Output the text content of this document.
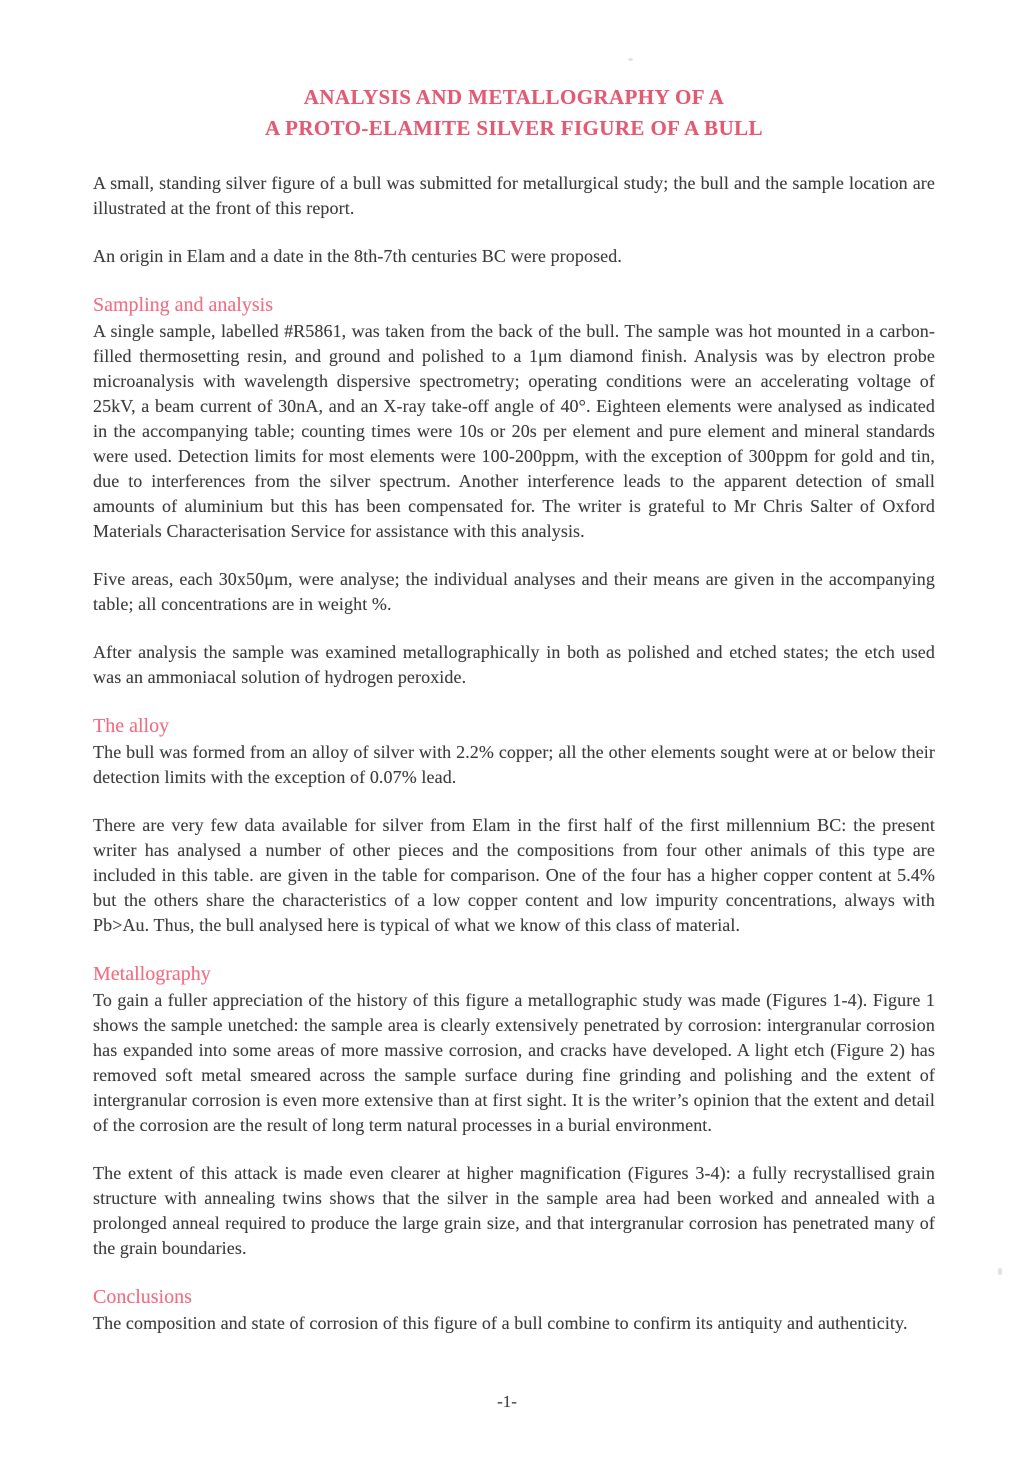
ANALYSIS AND METALLOGRAPHY OF A
A PROTO-ELAMITE SILVER FIGURE OF A BULL

A small, standing silver figure of a bull was submitted for metallurgical study; the bull and the sample location are illustrated at the front of this report.

An origin in Elam and a date in the 8th-7th centuries BC were proposed.

Sampling and analysis

A single sample, labelled #R5861, was taken from the back of the bull. The sample was hot mounted in a carbon-filled thermosetting resin, and ground and polished to a 1μm diamond finish. Analysis was by electron probe microanalysis with wavelength dispersive spectrometry; operating conditions were an accelerating voltage of 25kV, a beam current of 30nA, and an X-ray take-off angle of 40°. Eighteen elements were analysed as indicated in the accompanying table; counting times were 10s or 20s per element and pure element and mineral standards were used. Detection limits for most elements were 100-200ppm, with the exception of 300ppm for gold and tin, due to interferences from the silver spectrum. Another interference leads to the apparent detection of small amounts of aluminium but this has been compensated for. The writer is grateful to Mr Chris Salter of Oxford Materials Characterisation Service for assistance with this analysis.

Five areas, each 30x50μm, were analyse; the individual analyses and their means are given in the accompanying table; all concentrations are in weight %.

After analysis the sample was examined metallographically in both as polished and etched states; the etch used was an ammoniacal solution of hydrogen peroxide.

The alloy

The bull was formed from an alloy of silver with 2.2% copper; all the other elements sought were at or below their detection limits with the exception of 0.07% lead.

There are very few data available for silver from Elam in the first half of the first millennium BC: the present writer has analysed a number of other pieces and the compositions from four other animals of this type are included in this table. are given in the table for comparison. One of the four has a higher copper content at 5.4% but the others share the characteristics of a low copper content and low impurity concentrations, always with Pb>Au. Thus, the bull analysed here is typical of what we know of this class of material.

Metallography

To gain a fuller appreciation of the history of this figure a metallographic study was made (Figures 1-4). Figure 1 shows the sample unetched: the sample area is clearly extensively penetrated by corrosion: intergranular corrosion has expanded into some areas of more massive corrosion, and cracks have developed. A light etch (Figure 2) has removed soft metal smeared across the sample surface during fine grinding and polishing and the extent of intergranular corrosion is even more extensive than at first sight. It is the writer’s opinion that the extent and detail of the corrosion are the result of long term natural processes in a burial environment.

The extent of this attack is made even clearer at higher magnification (Figures 3-4): a fully recrystallised grain structure with annealing twins shows that the silver in the sample area had been worked and annealed with a prolonged anneal required to produce the large grain size, and that intergranular corrosion has penetrated many of the grain boundaries.

Conclusions

The composition and state of corrosion of this figure of a bull combine to confirm its antiquity and authenticity.

-1-
